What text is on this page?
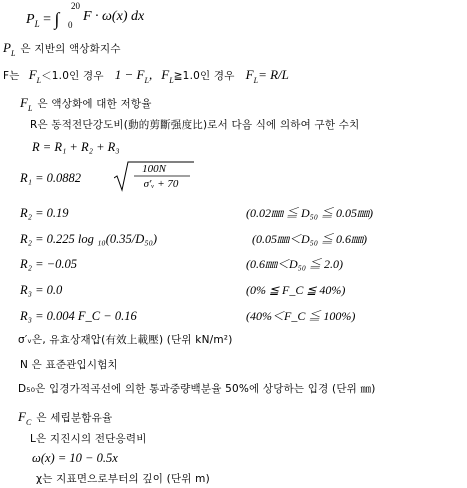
$P_L$ = ∫
20
0
F · ω(x) dx
$P_L$ 은 지반의 액상화지수
F는 $F_L<1.0$인 경우 $1 - F_L$, $F_L≧1.0$인 경우 $F_L= R/L$
$F_L$ 은 액상화에 대한 저항율
R은 동적전단강도비(動的剪斷强度比)로서 다음 식에 의하여 구한 수치
R = R₁ + R₂ + R₃
R₁ = 0.0882
100N
σ′ᵥ + 70
R₂ = 0.19	(0.02㎜ ≦ D₅₀ ≦ 0.05㎜)
R₂ = 0.225 log ₁₀(0.35/D₅₀)	(0.05㎜＜D₅₀ ≦ 0.6㎜)
R₂ = −0.05	(0.6㎜＜D₅₀ ≦ 2.0)
R₃ = 0.0	(0% ≦ F_C ≦ 40%)
R₃ = 0.004 F_C − 0.16	(40%＜F_C ≦ 100%)
σ′ᵥ은, 유효상재압(有效上載壓) (단위 kN/m²)
N 은 표준관입시험치
D₅₀은 입경가적곡선에 의한 통과중량백분율 50%에 상당하는 입경 (단위 ㎜)
$F_C$ 은 세립분함유율
L은 지진시의 전단응력비
ω(x) = 10 − 0.5x
χ는 지표면으로부터의 깊이 (단위 m)
